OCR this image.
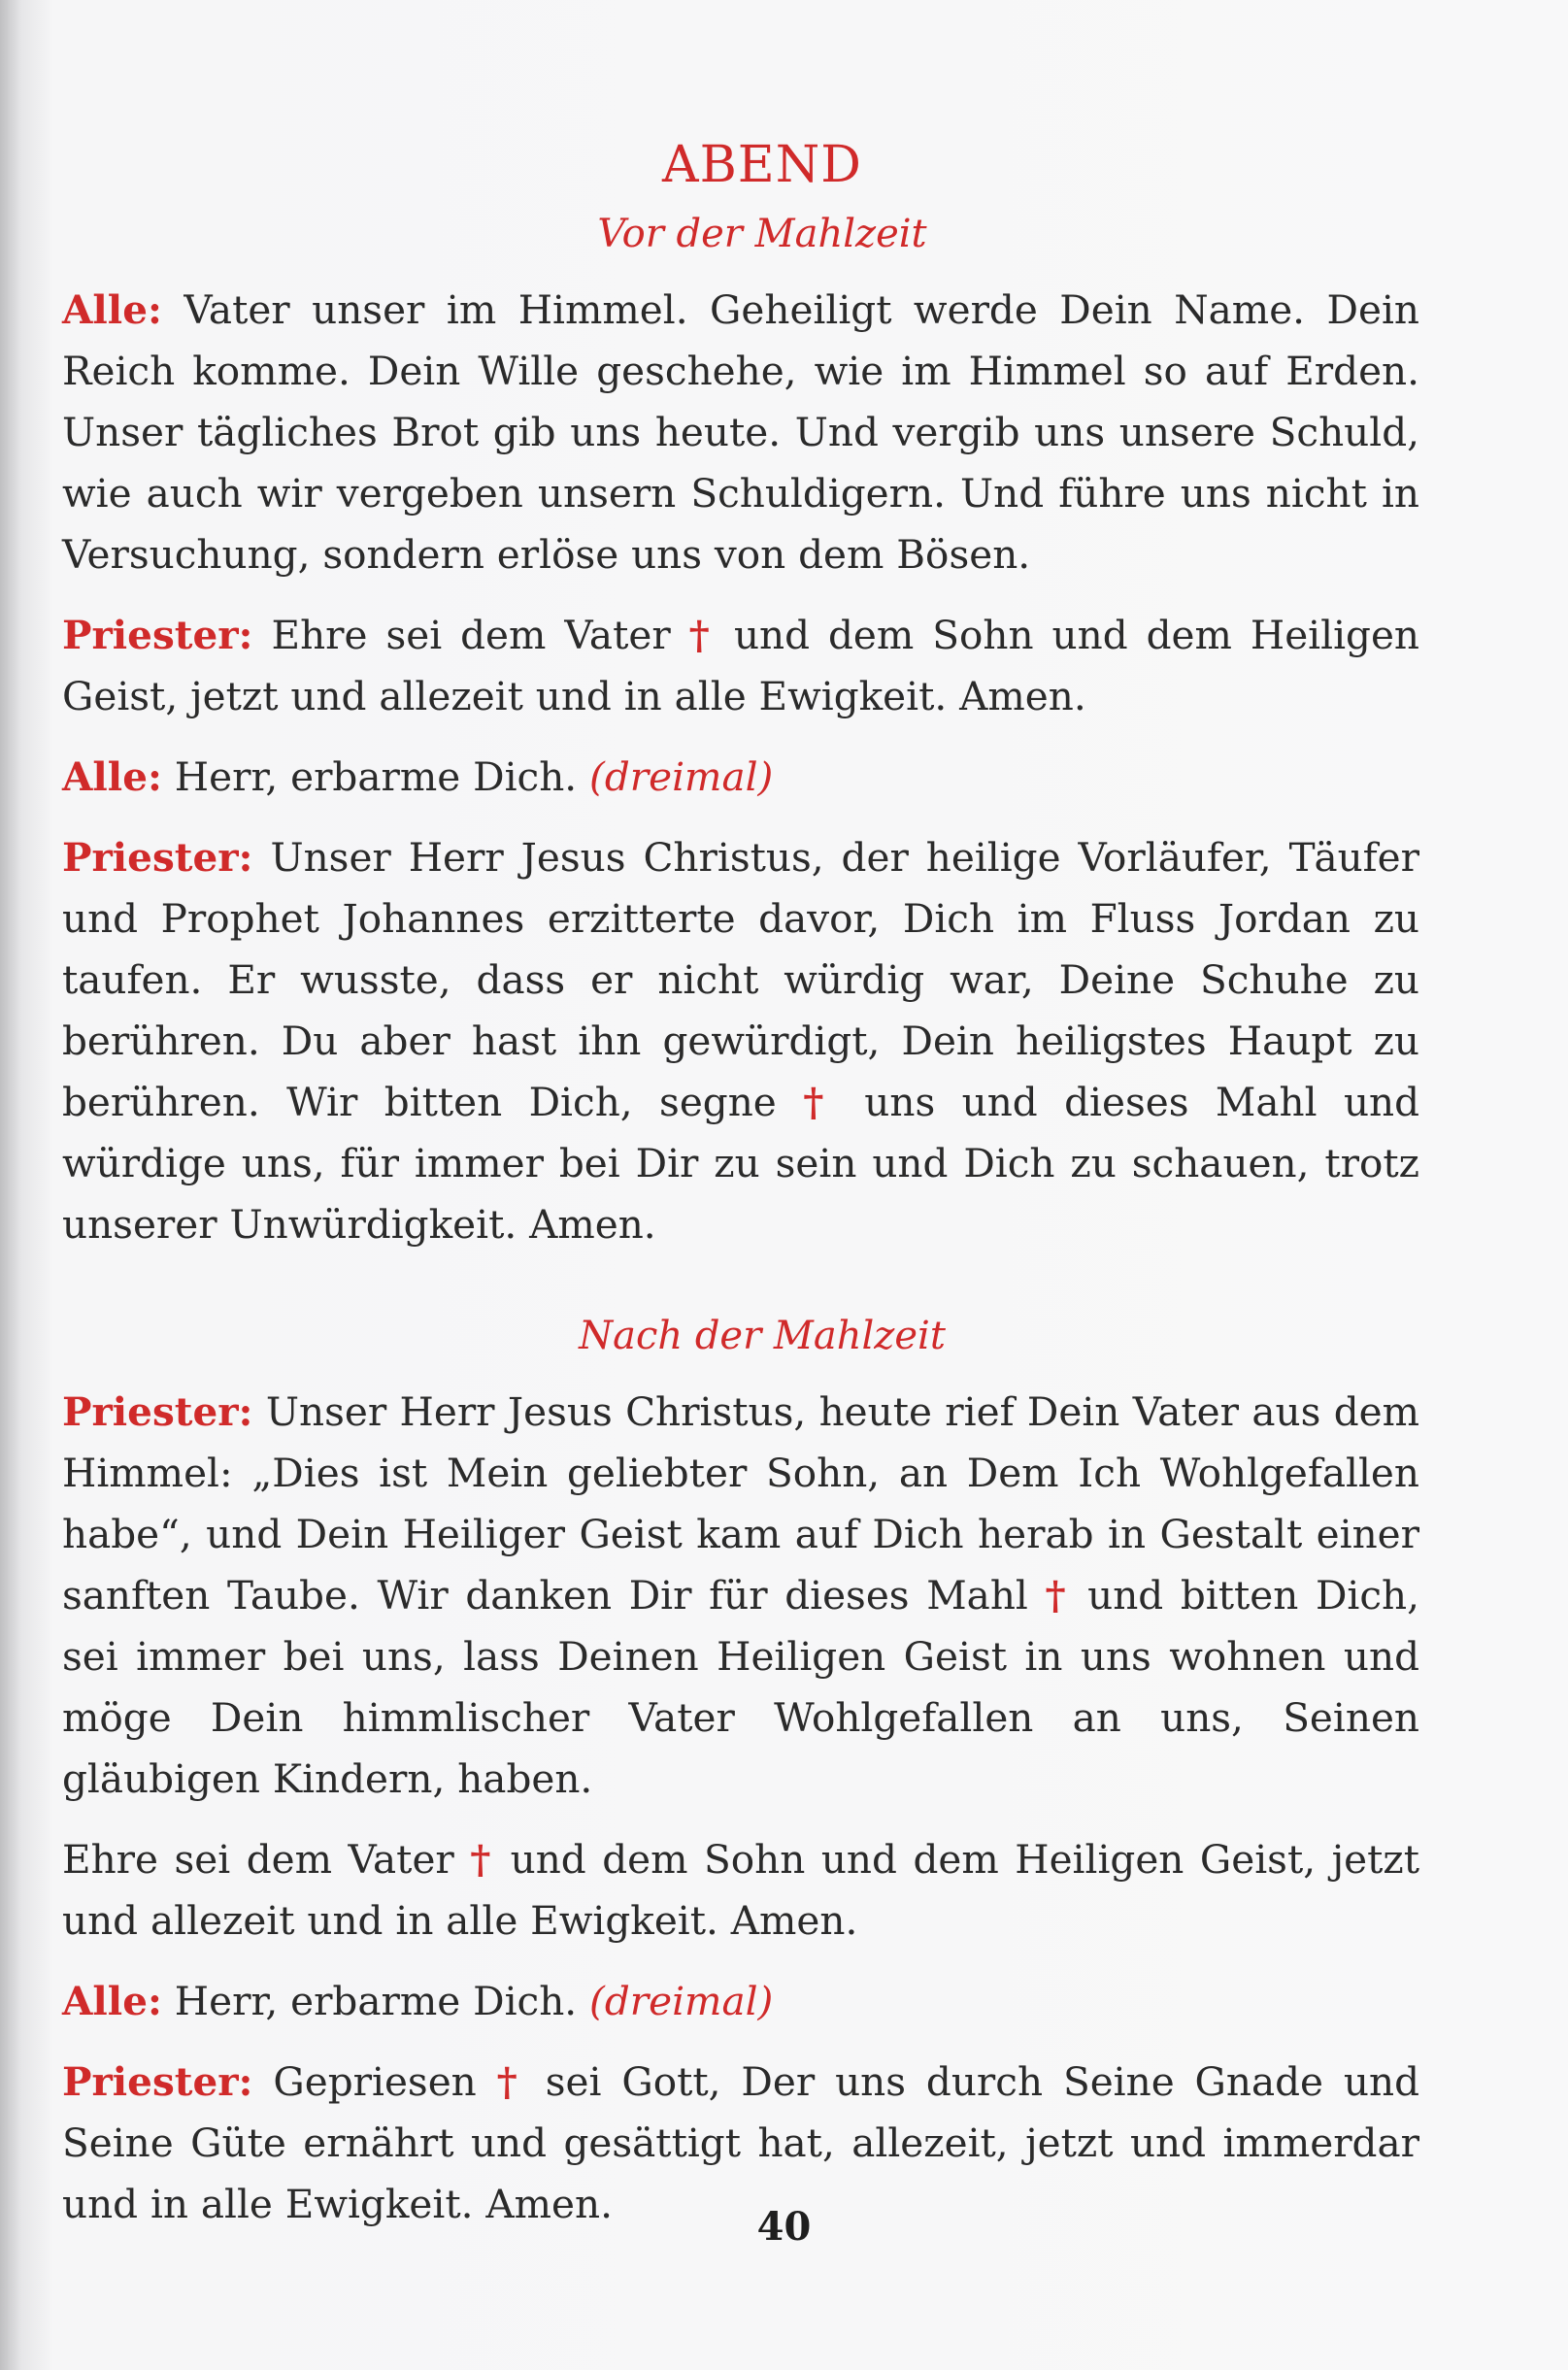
ABEND
Vor der Mahlzeit

Alle: Vater unser im Himmel. Geheiligt werde Dein Name. Dein Reich komme. Dein Wille geschehe, wie im Himmel so auf Erden. Unser tägliches Brot gib uns heute. Und vergib uns unsere Schuld, wie auch wir vergeben unsern Schuldigern. Und führe uns nicht in Versuchung, sondern erlöse uns von dem Bösen.

Priester: Ehre sei dem Vater † und dem Sohn und dem Heiligen Geist, jetzt und allezeit und in alle Ewigkeit. Amen.

Alle: Herr, erbarme Dich. (dreimal)

Priester: Unser Herr Jesus Christus, der heilige Vorläufer, Täufer und Prophet Johannes erzitterte davor, Dich im Fluss Jordan zu taufen. Er wusste, dass er nicht würdig war, Deine Schuhe zu berühren. Du aber hast ihn gewürdigt, Dein heiligstes Haupt zu berühren. Wir bitten Dich, segne † uns und dieses Mahl und würdige uns, für immer bei Dir zu sein und Dich zu schauen, trotz unserer Unwürdigkeit. Amen.

Nach der Mahlzeit

Priester: Unser Herr Jesus Christus, heute rief Dein Vater aus dem Himmel: „Dies ist Mein geliebter Sohn, an Dem Ich Wohlgefallen habe“, und Dein Heiliger Geist kam auf Dich herab in Gestalt einer sanften Taube. Wir danken Dir für dieses Mahl † und bitten Dich, sei immer bei uns, lass Deinen Heiligen Geist in uns wohnen und möge Dein himmlischer Vater Wohlgefallen an uns, Seinen gläubigen Kindern, haben.

Ehre sei dem Vater † und dem Sohn und dem Heiligen Geist, jetzt und allezeit und in alle Ewigkeit. Amen.

Alle: Herr, erbarme Dich. (dreimal)

Priester: Gepriesen † sei Gott, Der uns durch Seine Gnade und Seine Güte ernährt und gesättigt hat, allezeit, jetzt und immerdar und in alle Ewigkeit. Amen.	40
